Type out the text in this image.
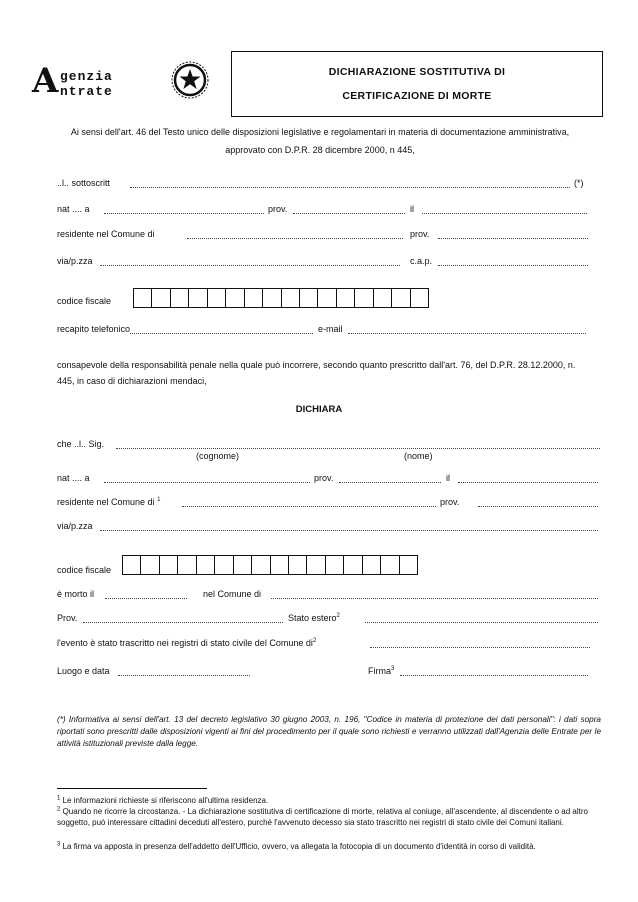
A genzia
ntrate
DICHIARAZIONE SOSTITUTIVA DI
CERTIFICAZIONE DI MORTE
Ai sensi dell'art. 46 del Testo unico delle disposizioni legislative e regolamentari in materia di documentazione amministrativa, approvato con D.P.R. 28 dicembre 2000, n 445,
..l.. sottoscritt	(*)
nat .... a	prov.	il
residente nel Comune di	prov.
via/p.zza	c.a.p.
codice fiscale
recapito telefonico	e-mail
consapevole della responsabilità penale nella quale può incorrere, secondo quanto prescritto dall'art. 76, del D.P.R. 28.12.2000, n. 445, in caso di dichiarazioni mendaci,
DICHIARA
che ..l.. Sig.
(cognome)	(nome)
nat .... a	prov.	il
residente nel Comune di $^1$	prov.
via/p.zza
codice fiscale
è morto il	nel Comune di
Prov.	Stato estero$^2$
l'evento è stato trascritto nei registri di stato civile del Comune $di^2$
Luogo e data	Firma$^3$
(*) Informativa ai sensi dell'art. 13 del decreto legislativo 30 giugno 2003, n. 196, "Codice in materia di protezione dei dati personali": i dati sopra riportati sono prescritti dalle disposizioni vigenti ai fini del procedimento per il quale sono richiesti e verranno utilizzati dall'Agenzia delle Entrate per le attività istituzionali previste dalla legge.
$^1$ Le informazioni richieste si riferiscono all'ultima residenza.
$^2$ Quando ne ricorre la circostanza. - La dichiarazione sostitutiva di certificazione di morte, relativa al coniuge, all'ascendente, al discendente o ad altro soggetto, può interessare cittadini deceduti all'estero, purché l'avvenuto decesso sia stato trascritto nei registri di stato civile dei Comuni italiani.
$^3$ La firma va apposta in presenza dell'addetto dell'Ufficio, ovvero, va allegata la fotocopia di un documento d'identità in corso di validità.
